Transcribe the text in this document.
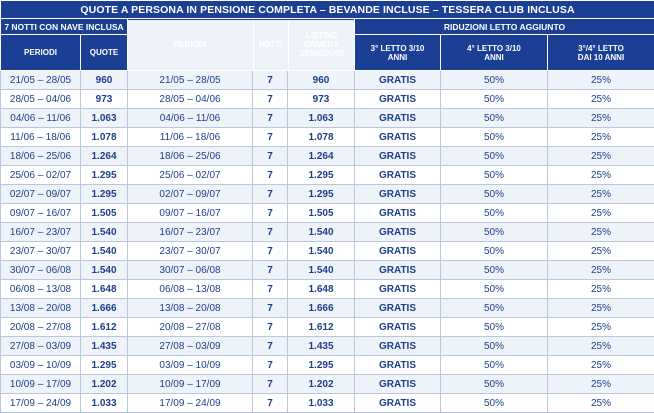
QUOTE A PERSONA IN PENSIONE COMPLETA – BEVANDE INCLUSE – TESSERA CLUB INCLUSA
7 NOTTI CON NAVE INCLUSA	
PERIODI	NOTTI	LISTINO CAMERA STANDARD
	RIDUZIONI LETTO AGGIUNTO
PERIODI	QUOTE	3° LETTO 3/10 ANNI	4° LETTO 3/10 ANNI	3°/4° LETTO DAI 10 ANNI
21/05 – 28/05	960	21/05 – 28/05	7	960	GRATIS	50%	25%
28/05 – 04/06	973	28/05 – 04/06	7	973	GRATIS	50%	25%
04/06 – 11/06	1.063	04/06 – 11/06	7	1.063	GRATIS	50%	25%
11/06 – 18/06	1.078	11/06 – 18/06	7	1.078	GRATIS	50%	25%
18/06 – 25/06	1.264	18/06 – 25/06	7	1.264	GRATIS	50%	25%
25/06 – 02/07	1.295	25/06 – 02/07	7	1.295	GRATIS	50%	25%
02/07 – 09/07	1.295	02/07 – 09/07	7	1.295	GRATIS	50%	25%
09/07 – 16/07	1.505	09/07 – 16/07	7	1.505	GRATIS	50%	25%
16/07 – 23/07	1.540	16/07 – 23/07	7	1.540	GRATIS	50%	25%
23/07 – 30/07	1.540	23/07 – 30/07	7	1.540	GRATIS	50%	25%
30/07 – 06/08	1.540	30/07 – 06/08	7	1.540	GRATIS	50%	25%
06/08 – 13/08	1.648	06/08 – 13/08	7	1.648	GRATIS	50%	25%
13/08 – 20/08	1.666	13/08 – 20/08	7	1.666	GRATIS	50%	25%
20/08 – 27/08	1.612	20/08 – 27/08	7	1.612	GRATIS	50%	25%
27/08 – 03/09	1.435	27/08 – 03/09	7	1.435	GRATIS	50%	25%
03/09 – 10/09	1.295	03/09 – 10/09	7	1.295	GRATIS	50%	25%
10/09 – 17/09	1.202	10/09 – 17/09	7	1.202	GRATIS	50%	25%
17/09 – 24/09	1.033	17/09 – 24/09	7	1.033	GRATIS	50%	25%
